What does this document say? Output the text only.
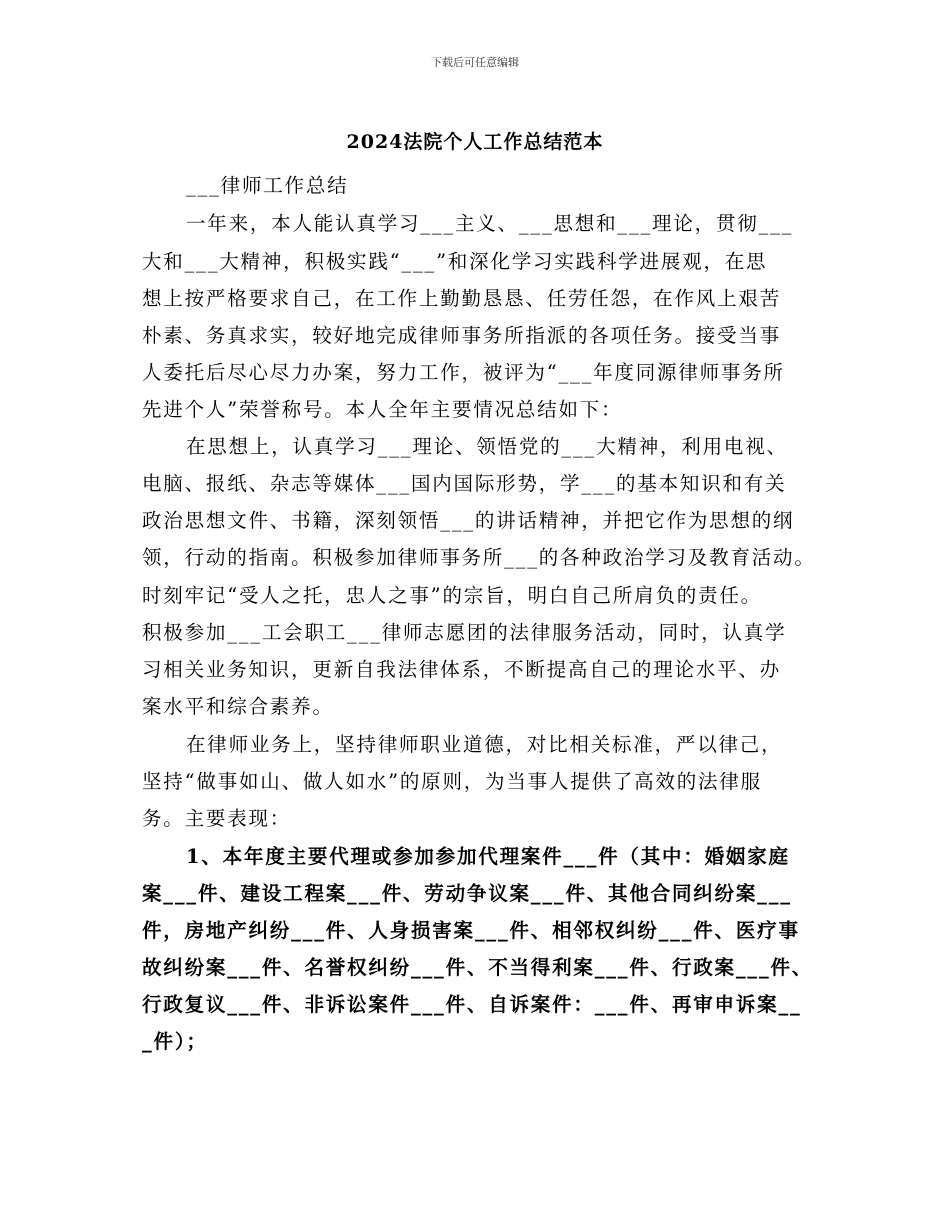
下载后可任意编辑
2024法院个人工作总结范本
___律师工作总结
一年来，本人能认真学习___主义、___思想和___理论，贯彻___
大和___大精神，积极实践“___”和深化学习实践科学进展观，在思
想上按严格要求自己，在工作上勤勤恳恳、任劳任怨，在作风上艰苦
朴素、务真求实，较好地完成律师事务所指派的各项任务。接受当事
人委托后尽心尽力办案，努力工作，被评为“___年度同源律师事务所
先进个人”荣誉称号。本人全年主要情况总结如下：
在思想上，认真学习___理论、领悟党的___大精神，利用电视、
电脑、报纸、杂志等媒体___国内国际形势，学___的基本知识和有关
政治思想文件、书籍，深刻领悟___的讲话精神，并把它作为思想的纲
领，行动的指南。积极参加律师事务所___的各种政治学习及教育活动。
时刻牢记“受人之托，忠人之事”的宗旨，明白自己所肩负的责任。
积极参加___工会职工___律师志愿团的法律服务活动，同时，认真学
习相关业务知识，更新自我法律体系，不断提高自己的理论水平、办
案水平和综合素养。
在律师业务上，坚持律师职业道德，对比相关标准，严以律己，
坚持“做事如山、做人如水”的原则，为当事人提供了高效的法律服
务。主要表现：
1、本年度主要代理或参加参加代理案件___件（其中：婚姻家庭
案___件、建设工程案___件、劳动争议案___件、其他合同纠纷案___
件，房地产纠纷___件、人身损害案___件、相邻权纠纷___件、医疗事
故纠纷案___件、名誉权纠纷___件、不当得利案___件、行政案___件、
行政复议___件、非诉讼案件___件、自诉案件：___件、再审申诉案__
_件）；
